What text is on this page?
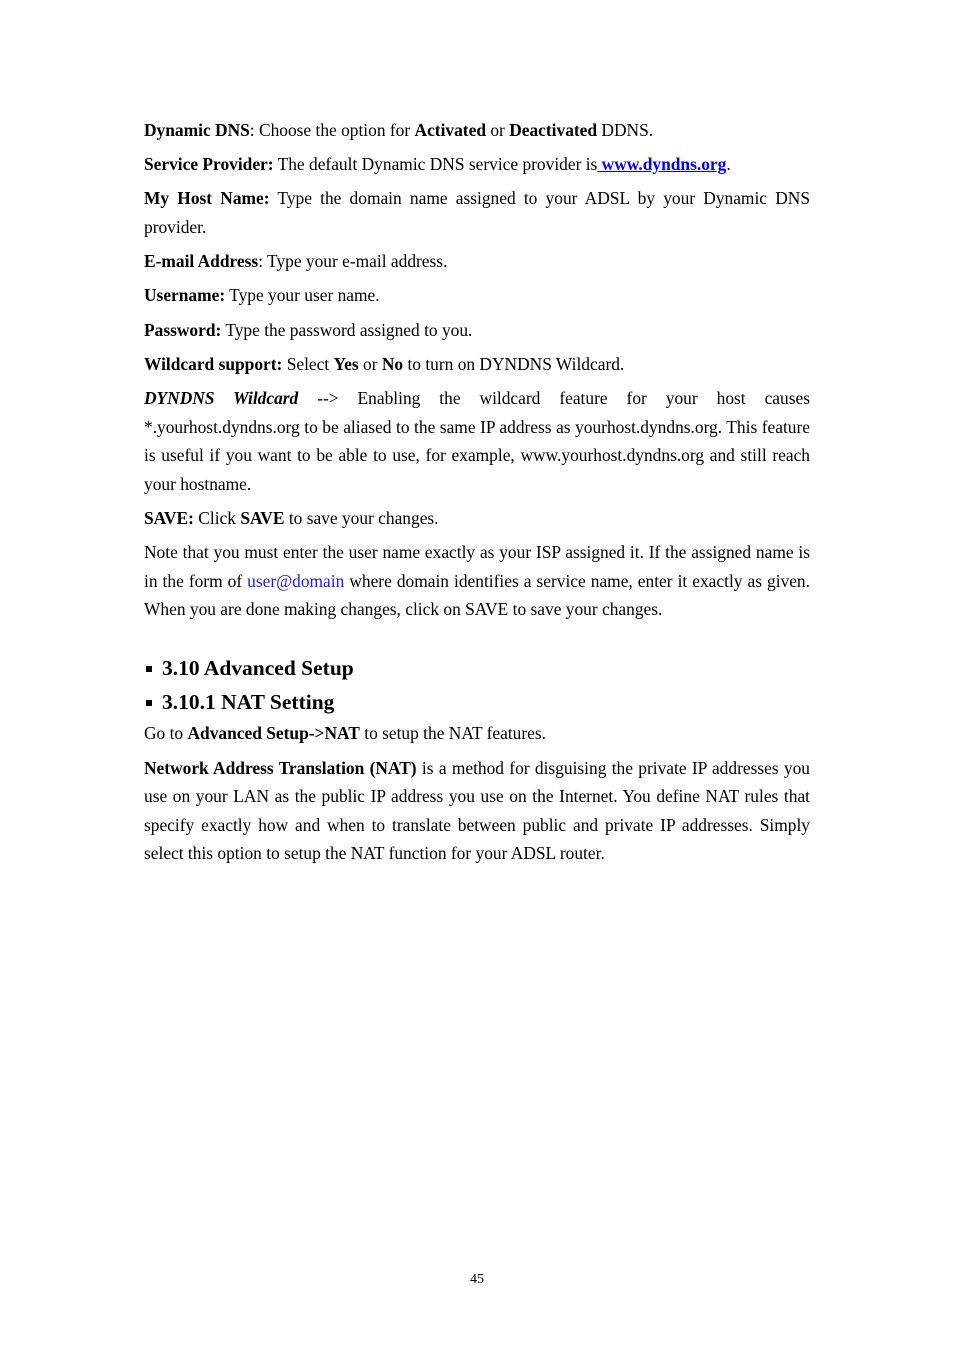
Dynamic DNS: Choose the option for Activated or Deactivated DDNS.

Service Provider: The default Dynamic DNS service provider is www.dyndns.org.

My Host Name: Type the domain name assigned to your ADSL by your Dynamic DNS provider.

E-mail Address: Type your e-mail address.

Username: Type your user name.

Password: Type the password assigned to you.

Wildcard support: Select Yes or No to turn on DYNDNS Wildcard.

DYNDNS Wildcard --> Enabling the wildcard feature for your host causes *.yourhost.dyndns.org to be aliased to the same IP address as yourhost.dyndns.org. This feature is useful if you want to be able to use, for example, www.yourhost.dyndns.org and still reach your hostname.

SAVE: Click SAVE to save your changes.

Note that you must enter the user name exactly as your ISP assigned it. If the assigned name is in the form of user@domain where domain identifies a service name, enter it exactly as given. When you are done making changes, click on SAVE to save your changes.

3.10 Advanced Setup
3.10.1 NAT Setting

Go to Advanced Setup->NAT to setup the NAT features.

Network Address Translation (NAT) is a method for disguising the private IP addresses you use on your LAN as the public IP address you use on the Internet. You define NAT rules that specify exactly how and when to translate between public and private IP addresses. Simply select this option to setup the NAT function for your ADSL router.

45
